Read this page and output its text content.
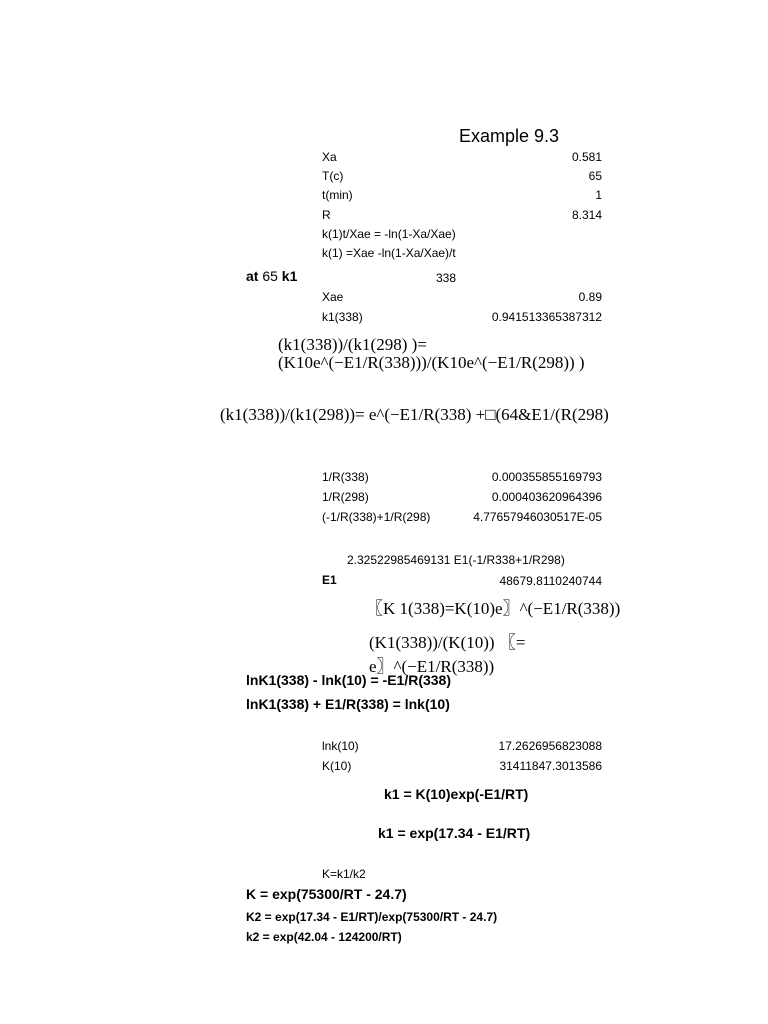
Example 9.3
Xa	0.581
T(c)	65
t(min)	1
R	8.314
k(1)t/Xae = -ln(1-Xa/Xae)
k(1) =Xae -ln(1-Xa/Xae)/t
at 65 k1	338
Xae	0.89
k1(338)	0.941513365387312
(k1(338))/(k1(298) )=
(K10e^(−E1/R(338)))/(K10e^(−E1/R(298)) )
(k1(338))/(k1(298))= e^(−E1/R(338) +□(64&E1/(R(298)
1/R(338)	0.000355855169793
1/R(298)	0.000403620964396
(-1/R(338)+1/R(298)	4.77657946030517E-05
2.32522985469131 E1(-1/R338+1/R298)
E1	48679.8110240744
〖K 1(338)=K(10)e〗^(−E1/R(338))
(K1(338))/(K(10)) 〖=
e〗^(−E1/R(338))
lnK1(338) - lnk(10) = -E1/R(338)
lnK1(338) + E1/R(338) = lnk(10)
lnk(10)	17.2626956823088
K(10)	31411847.3013586
k1 = K(10)exp(-E1/RT)
k1 = exp(17.34 - E1/RT)
K=k1/k2
K = exp(75300/RT - 24.7)
K2 = exp(17.34 - E1/RT)/exp(75300/RT - 24.7)
k2 = exp(42.04 - 124200/RT)
